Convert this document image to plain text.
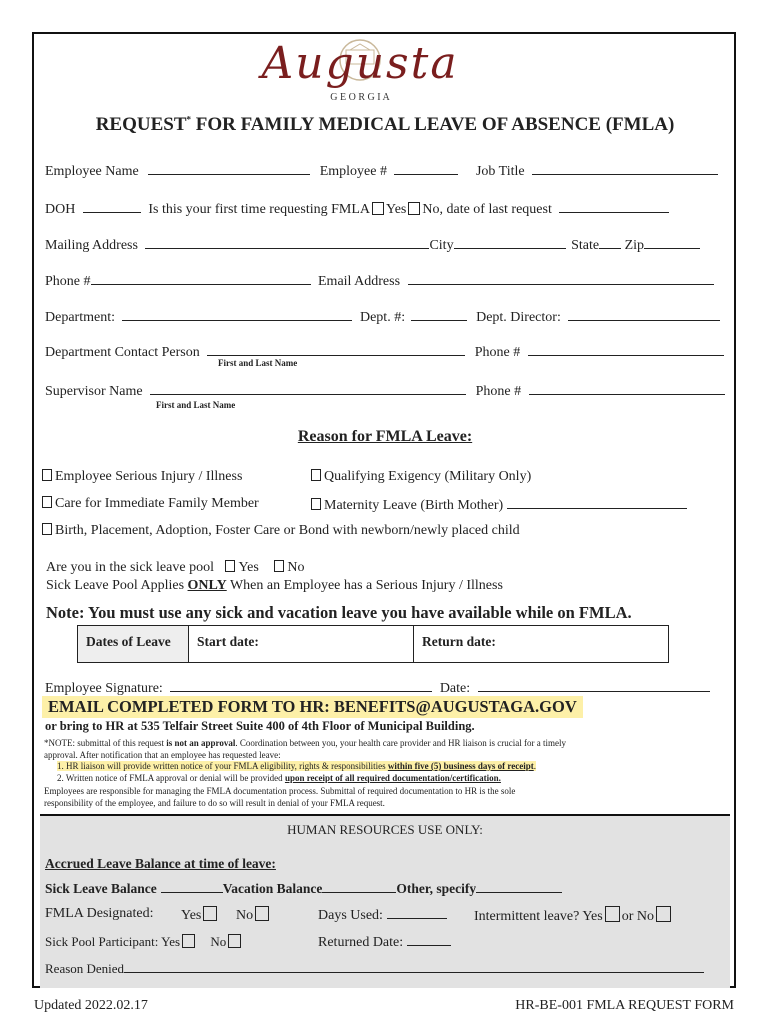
Augusta
G E O R G I A
REQUEST* FOR FAMILY MEDICAL LEAVE OF ABSENCE (FMLA)
Employee Name	Employee #	Job Title
DOH	Is this your first time requesting FMLA Yes No, date of last request
Mailing Address	City	State Zip
Phone #	Email Address
Department:	Dept. #:	Dept. Director:
Department Contact Person	Phone #
First and Last Name
Supervisor Name	Phone #
First and Last Name
Reason for FMLA Leave:
Employee Serious Injury / Illness	Qualifying Exigency (Military Only)
Care for Immediate Family Member	Maternity Leave (Birth Mother)
Birth, Placement, Adoption, Foster Care or Bond with newborn/newly placed child
Are you in the sick leave pool Yes No
Sick Leave Pool Applies ONLY When an Employee has a Serious Injury / Illness
Note: You must use any sick and vacation leave you have available while on FMLA.
Dates of Leave	Start date:	Return date:
Employee Signature:	Date:
EMAIL COMPLETED FORM TO HR: BENEFITS@AUGUSTAGA.GOV
or bring to HR at 535 Telfair Street Suite 400 of 4th Floor of Municipal Building.
*NOTE: submittal of this request is not an approval. Coordination between you, your health care provider and HR liaison is crucial for a timely
approval. After notification that an employee has requested leave:
1. HR liaison will provide written notice of your FMLA eligibility, rights & responsibilities within five (5) business days of receipt.
2. Written notice of FMLA approval or denial will be provided upon receipt of all required documentation/certification.
Employees are responsible for managing the FMLA documentation process. Submittal of required documentation to HR is the sole
responsibility of the employee, and failure to do so will result in denial of your FMLA request.
HUMAN RESOURCES USE ONLY:
Accrued Leave Balance at time of leave:
Sick Leave Balance	Vacation Balance	Other, specify
FMLA Designated: Yes	No	Days Used:	Intermittent leave? Yes or No
Sick Pool Participant: Yes No	Returned Date:
Reason Denied
Updated 2022.02.17	HR-BE-001 FMLA REQUEST FORM
